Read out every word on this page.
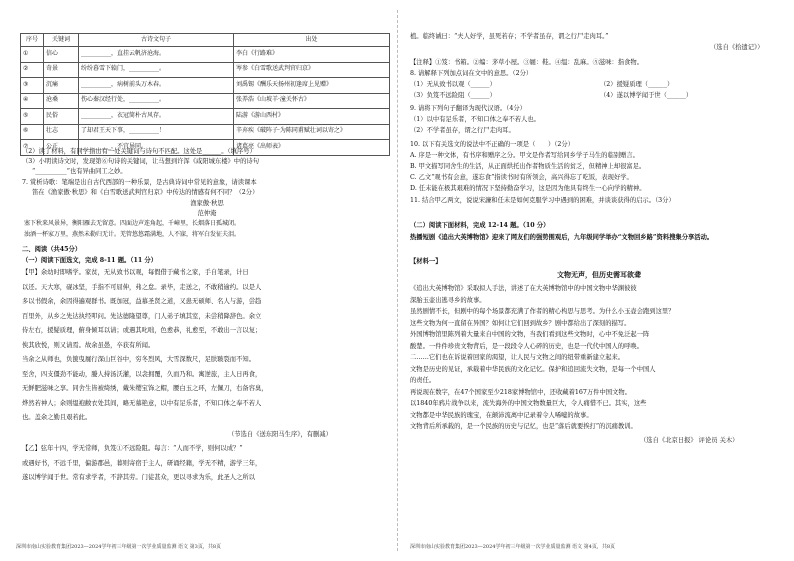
序号	关键词	古诗文句子	出处
①	信心	__________，直挂云帆济沧海。	李白《行路难》
②	奇景	纷纷暮雪下辕门，__________。	岑参《白雪歌送武判官归京》
③	沉痛	__________，病树前头万木春。	刘禹锡《酬乐天扬州初逢席上见赠》
④	沧桑	伤心秦汉经行处，__________。	张养浩《山坡羊·潼关怀古》
⑤	民俗	__________，衣冠简朴古风存。	陆游《游山西村》
⑥	壮志	了却君王天下事，__________！	辛弃疾《破阵子·为陈同甫赋壮词以寄之》
⑦	公正	__________，不宜异同。	诸葛亮《出师表》
（2）读了材料，有同学指出有一处关键词与诗句不匹配。这处是______。（填序号）
（3）小明读诗文时，发现第⑥句诗的关键词，让马想到许浑《咸阳城东楼》中的诗句
“__________”也有异曲同工之妙。
7. 赏析诗歌：笔端是出自古代西部的一种乐景，是古典诗词中常见的意象，请读课本
笛在《渔家傲·秋思》和《白雪歌送武判官归京》中传达的情感有何不同？（2分）
渔家傲·秋思
范仲淹
塞下秋来风景异，衡阳雁去无留意。四面边声连角起，千嶂里，长烟落日孤城闭。
浊酒一杯家万里，燕然未勒归无计。羌管悠悠霜满地，人不寐，将军白发征夫泪。
二、阅读（共45分）
（一）阅读下面选文，完成 8-11 题。（11 分）
【甲】余幼时即嗜学。家贫，无从致书以观，每假借于藏书之家，手自笔录，计日
以还。天大寒，砚冰坚，手指不可屈伸，弗之怠。录毕，走送之，不敢稍逾约。以是人
多以书假余，余因得遍观群书。既加冠，益慕圣贤之道，又患无硕师、名人与游，尝趋
百里外，从乡之先达执经叩问。先达德隆望尊，门人弟子填其室，未尝稍降辞色。余立
侍左右，援疑质理，俯身倾耳以请；或遇其叱咄，色愈恭，礼愈至，不敢出一言以复；
俟其欣悦，则又请焉。故余虽愚，卒获有所闻。
当余之从师也，负箧曳屣行深山巨谷中，穷冬烈风，大雪深数尺，足肤皲裂而不知。
至舍，四支僵劲不能动，媵人持汤沃灌，以衾拥覆，久而乃和。寓逆旅，主人日再食，
无鲜肥滋味之享。同舍生皆被绮绣，戴朱缨宝饰之帽，腰白玉之环，左佩刀，右备容臭，
烨然若神人；余则缊袍敝衣处其间，略无慕艳意，以中有足乐者，不知口体之奉不若人
也。盖余之勤且艰若此。
（节选自《送东阳马生序》，有删减）
【乙】弦年十四，学无常师，负笈①不远险阻。每言：“人而不学，则何以成？”
或遇好书，不远千里，偏游郡邑，暮则寄宿于主人，研诵经籍，学无不精，游学三年，
遂以博学闻于世。常有求学者，不辞其劳。门徒甚众，更以寻求为乐，此圣人之所以
深圳市南山实验教育集团2023—2024学年初三年级第一次学业质量监测 语文 第3页，共8页
植。临终诫曰：“夫人好学，虽死若存；不学者虽存，谓之行尸走肉耳。”
（选自《拾遗记》）
【注释】①笈：书箱。②编：茅草小屋。③屣：鞋。④缊：乱麻。⑤滋味：指食物。
8. 请解释下列加点词在文中的意思。（2分）
（1）无从致书以观（______）	（2）援疑质理（______）
（3）负笈不远险阻（______）	（4）遂以博学闻于世（______）
9. 请将下列句子翻译为现代汉语。（4分）
（1）以中有足乐者，不知口体之奉不若人也。
（2）不学者虽存，谓之行尸走肉耳。
10. 以下有关选文的说法中不正确的一项是（　　）（2分）
A. 序是一种文体，有书序和赠序之分。甲文是作者写给同乡学子马生的临别赠言。
B. 甲文描写同舍生的生活，从正面烘托出作者物质生活的贫乏，但精神上却很富足。
C. 乙文“观书有会意，遂忘食”指读书时有所领会，高兴得忘了吃饭，表现好学。
D. 任末能在极其艰难的情况下坚持勤奋学习，这是因为他具有终生一心向学的精神。
11. 结合甲乙两文，说说宋濂和任末是如何克服学习中遇到的困难，并谈谈获得的启示。（3分）
（二）阅读下面材料，完成 12-14 题。（10 分）
热播短剧《追出大英博物馆》迎来了网友们的强势围观后，九年级同学举办“文物回乡路”资料搜集分享活动。
【材料一】
文物无声，但历史需耳欲聋
《追出大英博物馆》采取拟人手法，讲述了在大英博物馆中的中国文物中华渊彼彼
深胎玉壶出逃寻乡的故事。
虽然剧情不长，但剧中的每个场景都充满了作者的精心构思与思考。为什么小玉壶会跑到这里？
这些文物为何一直留在异国？如何让它们回到故乡？剧中都给出了深刻的描写。
外国博物馆里陈列着大量来自中国的文物，当我们看到这些文物时，心中不免泛起一阵
酸楚。一件件珍贵文物背后，是一段段令人心碎的历史，也是一代代中国人的呼唤。
二……它们也在诉说着回家的渴望，让人民与文物之间的纽带重新建立起来。
文物是历史的见证，承载着中华民族的文化记忆。保护和追回流失文物，是每一个中国人
的责任。
再说现在数字，在47个国家至少218家博物馆中，还收藏着167万件中国文物。
以1840年鸦片战争以来，流失海外的中国文物数量巨大，令人痛惜不已。其实，这些
文物都是中华民族的瑰宝，在颠沛流离中记录着令人唏嘘的故事。
文物背后所承载的，是一个民族的历史与记忆，也是“落后就要挨打”的沉痛教训。
（选自《北京日报》 评论员 关木）
深圳市南山实验教育集团2023—2024学年初三年级第一次学业质量监测 语文 第4页，共8页
